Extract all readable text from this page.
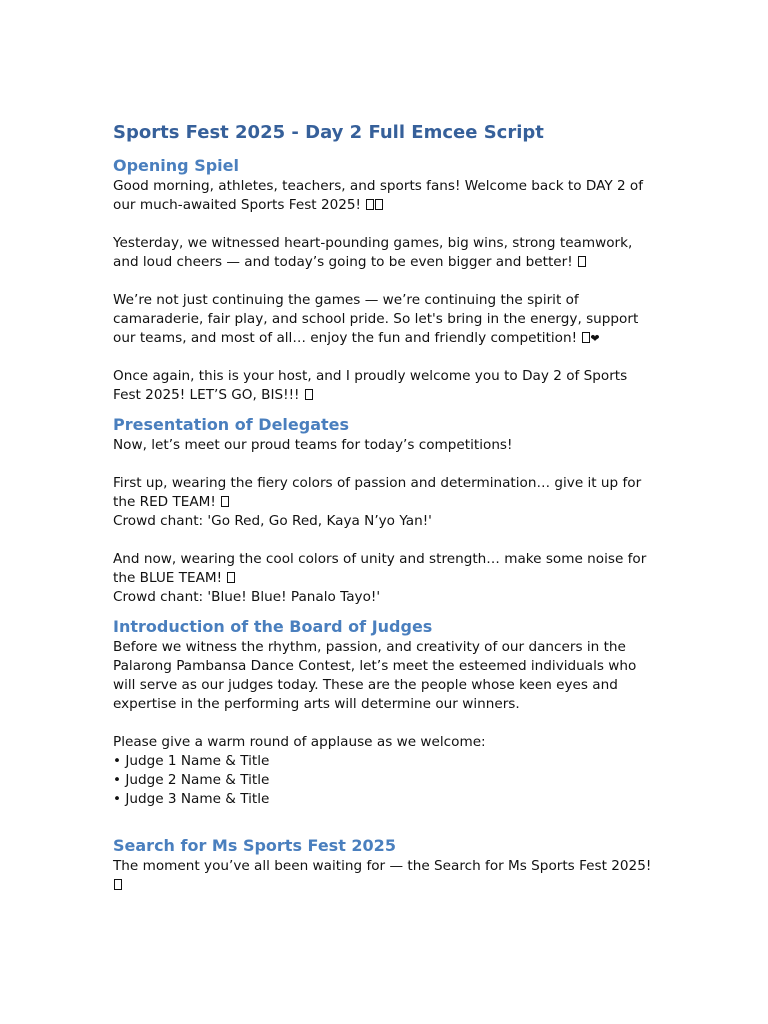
Sports Fest 2025 - Day 2 Full Emcee Script
Opening Spiel

Good morning, athletes, teachers, and sports fans! Welcome back to DAY 2 of our much-awaited Sports Fest 2025!

Yesterday, we witnessed heart-pounding games, big wins, strong teamwork, and loud cheers — and today’s going to be even bigger and better!

We’re not just continuing the games — we’re continuing the spirit of camaraderie, fair play, and school pride. So let's bring in the energy, support our teams, and most of all… enjoy the fun and friendly competition! ❤

Once again, this is your host, and I proudly welcome you to Day 2 of Sports Fest 2025! LET’S GO, BIS!!!

Presentation of Delegates

Now, let’s meet our proud teams for today’s competitions!

First up, wearing the fiery colors of passion and determination… give it up for the RED TEAM!

Crowd chant: 'Go Red, Go Red, Kaya N’yo Yan!'

And now, wearing the cool colors of unity and strength… make some noise for the BLUE TEAM!

Crowd chant: 'Blue! Blue! Panalo Tayo!'

Introduction of the Board of Judges

Before we witness the rhythm, passion, and creativity of our dancers in the Palarong Pambansa Dance Contest, let’s meet the esteemed individuals who will serve as our judges today. These are the people whose keen eyes and expertise in the performing arts will determine our winners.

Please give a warm round of applause as we welcome:

• Judge 1 Name & Title
• Judge 2 Name & Title
• Judge 3 Name & Title
Search for Ms Sports Fest 2025

The moment you’ve all been waiting for — the Search for Ms Sports Fest 2025!
